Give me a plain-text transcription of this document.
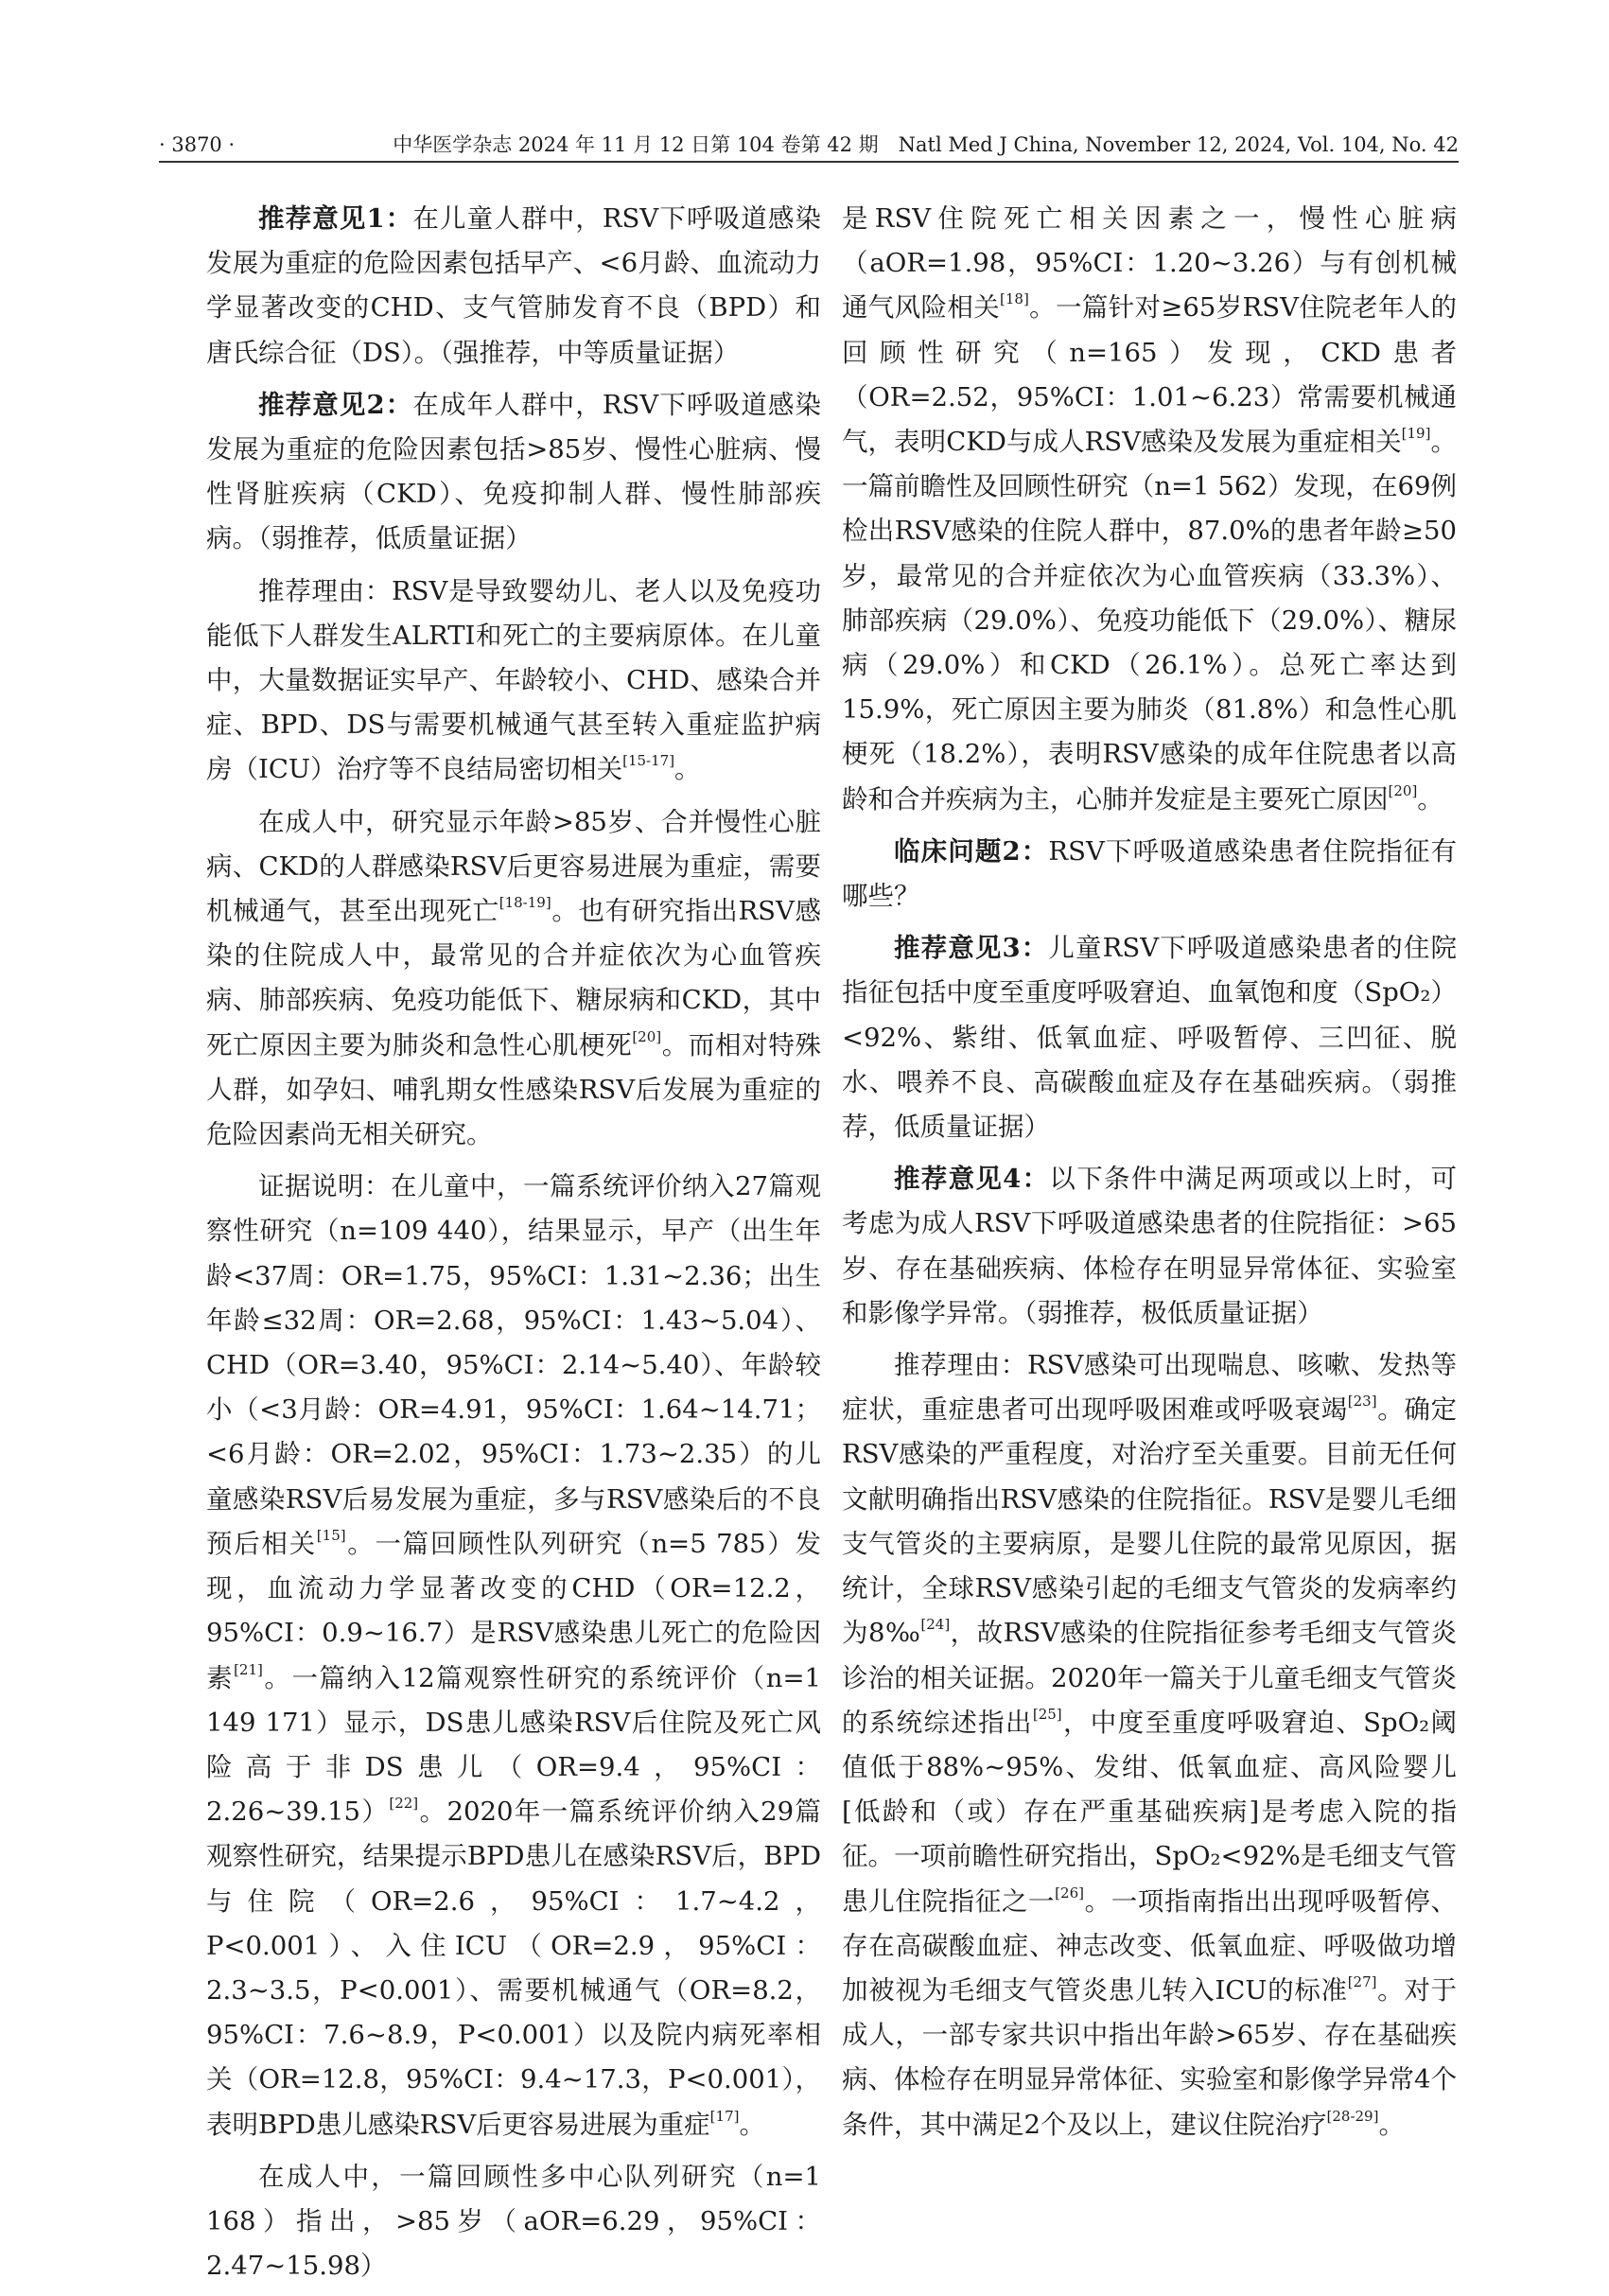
· 3870 ·	中华医学杂志 2024 年 11 月 12 日第 104 卷第 42 期　Natl Med J China, November 12, 2024, Vol. 104, No. 42

推荐意见1：在儿童人群中，RSV下呼吸道感染发展为重症的危险因素包括早产、<6月龄、血流动力学显著改变的CHD、支气管肺发育不良（BPD）和唐氏综合征（DS）。（强推荐，中等质量证据）

推荐意见2：在成年人群中，RSV下呼吸道感染发展为重症的危险因素包括>85岁、慢性心脏病、慢性肾脏疾病（CKD）、免疫抑制人群、慢性肺部疾病。（弱推荐，低质量证据）

推荐理由：RSV是导致婴幼儿、老人以及免疫功能低下人群发生ALRTI和死亡的主要病原体。在儿童中，大量数据证实早产、年龄较小、CHD、感染合并症、BPD、DS与需要机械通气甚至转入重症监护病房（ICU）治疗等不良结局密切相关[15-17]。

在成人中，研究显示年龄>85岁、合并慢性心脏病、CKD的人群感染RSV后更容易进展为重症，需要机械通气，甚至出现死亡[18-19]。也有研究指出RSV感染的住院成人中，最常见的合并症依次为心血管疾病、肺部疾病、免疫功能低下、糖尿病和CKD，其中死亡原因主要为肺炎和急性心肌梗死[20]。而相对特殊人群，如孕妇、哺乳期女性感染RSV后发展为重症的危险因素尚无相关研究。

证据说明：在儿童中，一篇系统评价纳入27篇观察性研究（n=109 440），结果显示，早产（出生年龄<37周：OR=1.75，95%CI：1.31~2.36；出生年龄≤32周：OR=2.68，95%CI：1.43~5.04）、CHD（OR=3.40，95%CI：2.14~5.40）、年龄较小（<3月龄：OR=4.91，95%CI：1.64~14.71；<6月龄：OR=2.02，95%CI：1.73~2.35）的儿童感染RSV后易发展为重症，多与RSV感染后的不良预后相关[15]。一篇回顾性队列研究（n=5 785）发现，血流动力学显著改变的CHD（OR=12.2，95%CI：0.9~16.7）是RSV感染患儿死亡的危险因素[21]。一篇纳入12篇观察性研究的系统评价（n=1 149 171）显示，DS患儿感染RSV后住院及死亡风险高于非DS患儿（OR=9.4，95%CI：2.26~39.15）[22]。2020年一篇系统评价纳入29篇观察性研究，结果提示BPD患儿在感染RSV后，BPD与住院（OR=2.6，95%CI：1.7~4.2，P<0.001）、入住ICU（OR=2.9，95%CI：2.3~3.5，P<0.001）、需要机械通气（OR=8.2，95%CI：7.6~8.9，P<0.001）以及院内病死率相关（OR=12.8，95%CI：9.4~17.3，P<0.001），表明BPD患儿感染RSV后更容易进展为重症[17]。

在成人中，一篇回顾性多中心队列研究（n=1 168）指出，>85岁（aOR=6.29，95%CI：2.47~15.98）

是RSV住院死亡相关因素之一，慢性心脏病（aOR=1.98，95%CI：1.20~3.26）与有创机械通气风险相关[18]。一篇针对≥65岁RSV住院老年人的回顾性研究（n=165）发现，CKD患者（OR=2.52，95%CI：1.01~6.23）常需要机械通气，表明CKD与成人RSV感染及发展为重症相关[19]。一篇前瞻性及回顾性研究（n=1 562）发现，在69例检出RSV感染的住院人群中，87.0%的患者年龄≥50岁，最常见的合并症依次为心血管疾病（33.3%）、肺部疾病（29.0%）、免疫功能低下（29.0%）、糖尿病（29.0%）和CKD（26.1%）。总死亡率达到15.9%，死亡原因主要为肺炎（81.8%）和急性心肌梗死（18.2%），表明RSV感染的成年住院患者以高龄和合并疾病为主，心肺并发症是主要死亡原因[20]。

临床问题2：RSV下呼吸道感染患者住院指征有哪些？

推荐意见3：儿童RSV下呼吸道感染患者的住院指征包括中度至重度呼吸窘迫、血氧饱和度（SpO₂）<92%、紫绀、低氧血症、呼吸暂停、三凹征、脱水、喂养不良、高碳酸血症及存在基础疾病。（弱推荐，低质量证据）

推荐意见4：以下条件中满足两项或以上时，可考虑为成人RSV下呼吸道感染患者的住院指征：>65岁、存在基础疾病、体检存在明显异常体征、实验室和影像学异常。（弱推荐，极低质量证据）

推荐理由：RSV感染可出现喘息、咳嗽、发热等症状，重症患者可出现呼吸困难或呼吸衰竭[23]。确定RSV感染的严重程度，对治疗至关重要。目前无任何文献明确指出RSV感染的住院指征。RSV是婴儿毛细支气管炎的主要病原，是婴儿住院的最常见原因，据统计，全球RSV感染引起的毛细支气管炎的发病率约为8‰[24]，故RSV感染的住院指征参考毛细支气管炎诊治的相关证据。2020年一篇关于儿童毛细支气管炎的系统综述指出[25]，中度至重度呼吸窘迫、SpO₂阈值低于88%~95%、发绀、低氧血症、高风险婴儿[低龄和（或）存在严重基础疾病]是考虑入院的指征。一项前瞻性研究指出，SpO₂<92%是毛细支气管患儿住院指征之一[26]。一项指南指出出现呼吸暂停、存在高碳酸血症、神志改变、低氧血症、呼吸做功增加被视为毛细支气管炎患儿转入ICU的标准[27]。对于成人，一部专家共识中指出年龄>65岁、存在基础疾病、体检存在明显异常体征、实验室和影像学异常4个条件，其中满足2个及以上，建议住院治疗[28-29]。
